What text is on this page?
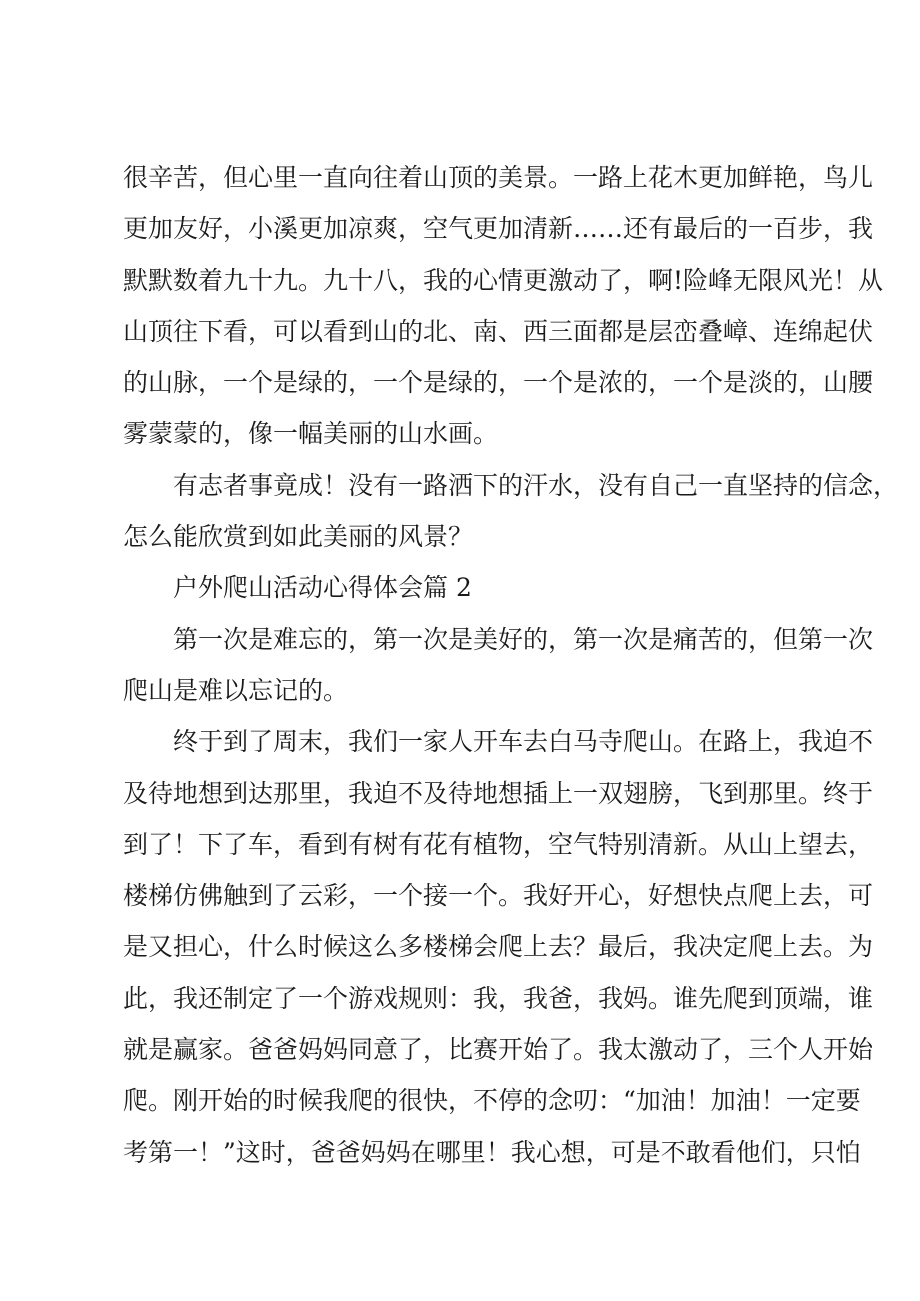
很辛苦，但心里一直向往着山顶的美景。一路上花木更加鲜艳，鸟儿
更加友好，小溪更加凉爽，空气更加清新……还有最后的一百步，我
默默数着九十九。九十八，我的心情更激动了，啊!险峰无限风光！从
山顶往下看，可以看到山的北、南、西三面都是层峦叠嶂、连绵起伏
的山脉，一个是绿的，一个是绿的，一个是浓的，一个是淡的，山腰
雾蒙蒙的，像一幅美丽的山水画。
有志者事竟成！没有一路洒下的汗水，没有自己一直坚持的信念，
怎么能欣赏到如此美丽的风景？
户外爬山活动心得体会篇 2
第一次是难忘的，第一次是美好的，第一次是痛苦的，但第一次
爬山是难以忘记的。
终于到了周末，我们一家人开车去白马寺爬山。在路上，我迫不
及待地想到达那里，我迫不及待地想插上一双翅膀，飞到那里。终于
到了！下了车，看到有树有花有植物，空气特别清新。从山上望去，
楼梯仿佛触到了云彩，一个接一个。我好开心，好想快点爬上去，可
是又担心，什么时候这么多楼梯会爬上去？最后，我决定爬上去。为
此，我还制定了一个游戏规则：我，我爸，我妈。谁先爬到顶端，谁
就是赢家。爸爸妈妈同意了，比赛开始了。我太激动了，三个人开始
爬。刚开始的时候我爬的很快，不停的念叨：“加油！加油！一定要
考第一！”这时，爸爸妈妈在哪里！我心想，可是不敢看他们，只怕
